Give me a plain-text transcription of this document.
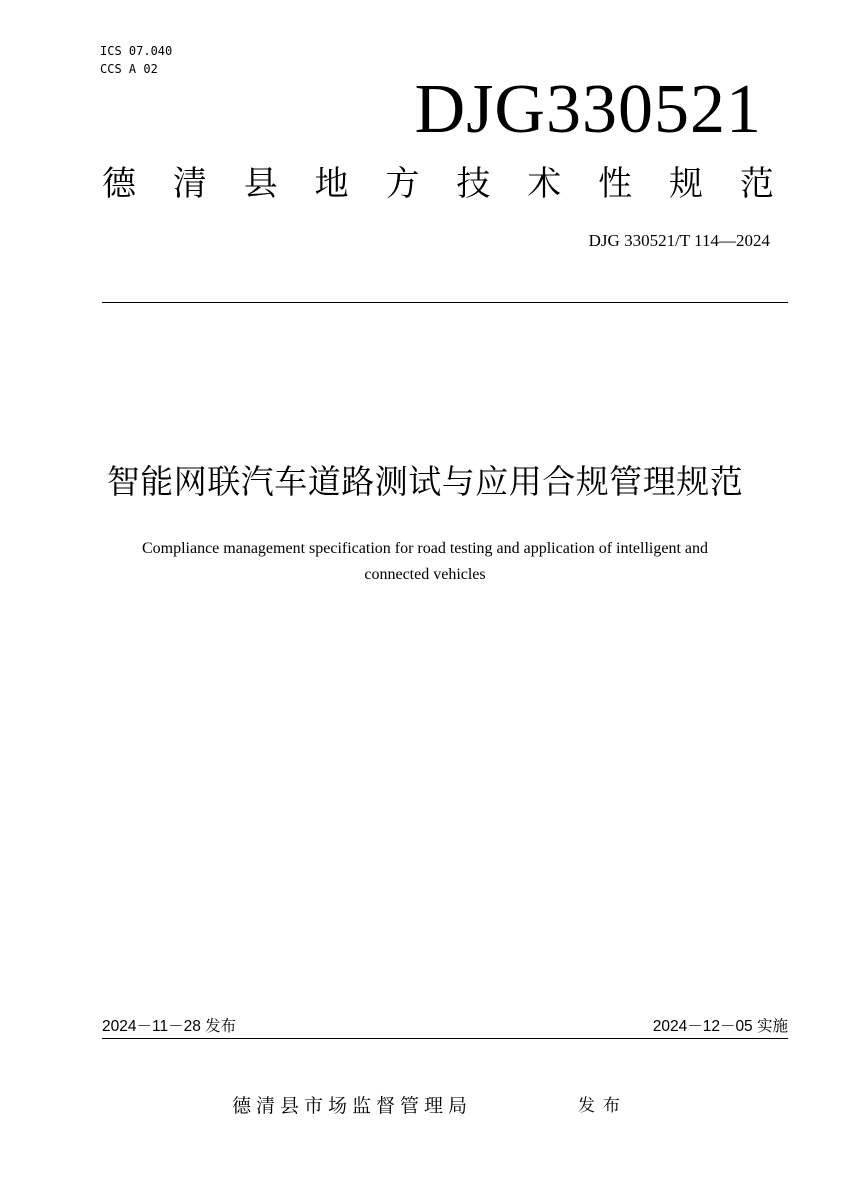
ICS 07.040
CCS A 02
DJG330521
德 清 县 地 方 技 术 性 规 范
DJG 330521/T 114—2024
智能网联汽车道路测试与应用合规管理规范
Compliance management specification for road testing and application of intelligent and
connected vehicles
2024－11－28 发布	2024－12－05 实施
德清县市场监督管理局	发布
